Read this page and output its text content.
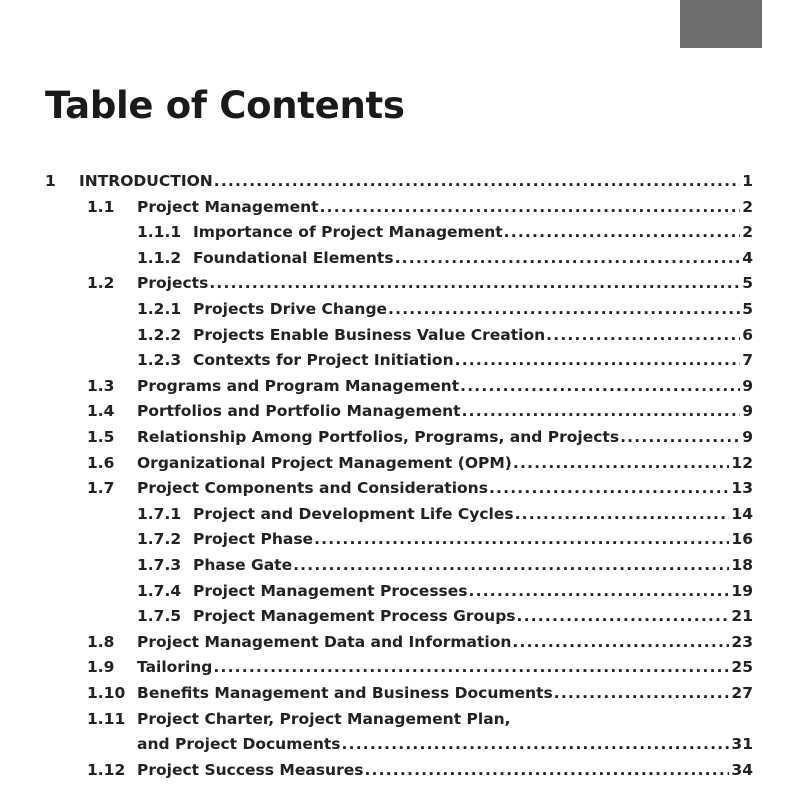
Table of Contents
1	INTRODUCTION .....	1
1.1	Project Management .....	2
1.1.1 Importance of Project Management .....	2
1.1.2 Foundational Elements .....	4
1.2	Projects .....	5
1.2.1 Projects Drive Change .....	5
1.2.2 Projects Enable Business Value Creation .....	6
1.2.3 Contexts for Project Initiation .....	7
1.3	Programs and Program Management .....	9
1.4	Portfolios and Portfolio Management .....	9
1.5	Relationship Among Portfolios, Programs, and Projects .....	9
1.6	Organizational Project Management (OPM) .....	12
1.7	Project Components and Considerations .....	13
1.7.1 Project and Development Life Cycles .....	14
1.7.2 Project Phase .....	16
1.7.3 Phase Gate .....	18
1.7.4 Project Management Processes .....	19
1.7.5 Project Management Process Groups .....	21
1.8	Project Management Data and Information .....	23
1.9	Tailoring .....	25
1.10 Benefits Management and Business Documents .....	27
1.11 Project Charter, Project Management Plan,
and Project Documents .....	31
1.12 Project Success Measures .....	34
